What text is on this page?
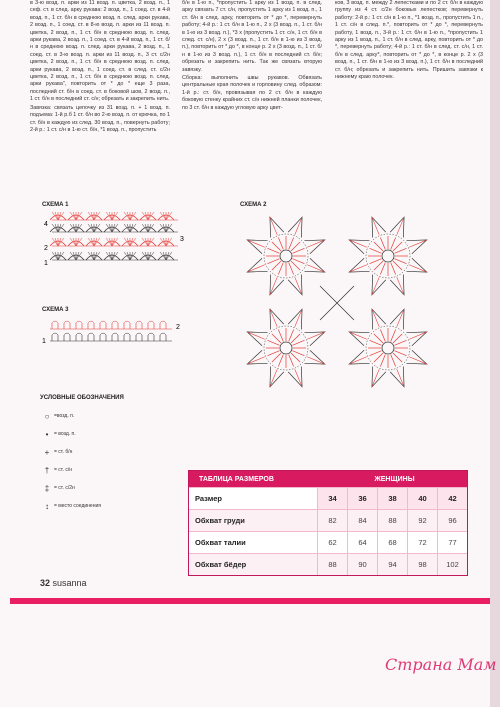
в 3-ю возд. п. арки из 11 возд. п. цветка, 2 возд. п., 1 сеф. ст. в след. арку рукава: 2 возд. п., 1 соед. ст. в 4-й возд. п., 1 ст. б/н в среднюю возд. п. след. арки рукава, 2 возд. п., 1 соед. ст. в 8-ю возд. п. арки из 11 возд. п. цветка, 2 возд. п., 1 ст. б/н в среднюю возд. п. след. арки рукава, 2 возд. п., 1 соед. ст. в 4-й возд. п., 1 ст. б/н в среднюю возд. п. след. арки рукава, 2 возд. п., 1 соед. ст. в 3-ю возд. п. арки из 11 возд. п., 3 ст. с/2н цветка, 2 возд. п., 1 ст. б/н в среднюю возд. п. след. арки рукава, 2 возд. п., 1 соед. ст. в след. ст. с/2н цветка, 2 возд. п., 1 ст. б/н в среднюю возд. п. след. арки рукава", повторить от * до * еще 3 раза, последний ст. б/н в соед. ст. в боковой шов, 2 возд. п., 1 ст. б/н в последний ст. с/н; обрезать и закрепить нить.

Завязка: связать цепочку из 31 возд. п. + 1 возд. п. подъема: 1-й р.б 1 ст. б/н во 2-ю возд. п. от крючка, по 1 ст. б/н в каждую из след. 30 возд. п., повернуть работу; 2-й р.: 1 ст. с/н в 1-ю ст. б/н, *1 возд. п., пропустить

б/н в 1-ю п., *пропустить 1 арку из 1 возд. п. в след. арку связать 7 ст. с/н, пропустить 1 арку из 1 возд. п., 1 ст. б/н в след. арку, повторить от * до *, перевернуть работу; 4-й р.: 1 ст. б/н в 1-ю п., 2 х (3 возд. п., 1 ст. б/н в 1-ю из 3 возд. п.), *3 х (пропустить 1 ст. с/н, 1 ст. б/н в след. ст. с/н), 2 х (3 возд. п., 1 ст. б/н в 1-ю из 3 возд. п.), повторить от * до *, в конце р. 2 х (3 возд. п., 1 ст. б/н в 1-ю из 3 возд. п.), 1 ст. б/н в последний ст. б/н; обрезать и закрепить нить. Так же связать вторую завязку.

Сборка: выполнить швы рукавов. Обвязать центральные края полочек и горловину след. образом: 1-й р.: ст. б/н, провязывая по 2 ст. б/н в каждую боковую стенку крайних ст. с/н нижней планки полочек, по 3 ст. б/н в каждую угловую арку цвет-

ков, 3 возд. п. между 2 лепестками и по 2 ст. б/н в каждую группу из 4 ст. с/2н боковых лепестков; перевернуть работу: 2-й р.: 1 ст. с/н в 1-ю п., *1 возд. п., пропустить 1 п., 1 ст. с/н в след. п.*, повторить от * до *, перевернуть работу, 1 возд. п., 3-й р.: 1 ст. б/н в 1-ю п., *пропустить 1 арку из 1 возд. п., 1 ст. б/н в след. арку, повторить от * до *, перевернуть работу; 4-й р.: 1 ст. б/н в след. ст. с/н, 1 ст. б/н в след. арку*, повторить от * до *, в конце р. 2 х (3 возд. п., 1 ст. б/н в 1-ю из 3 возд. п.), 1 ст. б/н в последний ст. б/н; обрезать и закрепить нить. Пришить завязки к нижнему краю полочек.

СХЕМА 1
4
3
2
1
СХЕМА 3
2
1
СХЕМА 2
УСЛОВНЫЕ ОБОЗНАЧЕНИЯ
○ =возд. п.
•	= возд. п.
+ = ст. б/н
† = ст. с/н
‡ = ст. с/2н
↕	= место соединения
ТАБЛИЦА РАЗМЕРОВ	ЖЕНЩИНЫ
Размер	34	36	38	40	42
Обхват груди	82	84	88	92	96
Обхват талии	62	64	68	72	77
Обхват бёдер	88	90	94	98	102
32 susanna
Страна Мам
